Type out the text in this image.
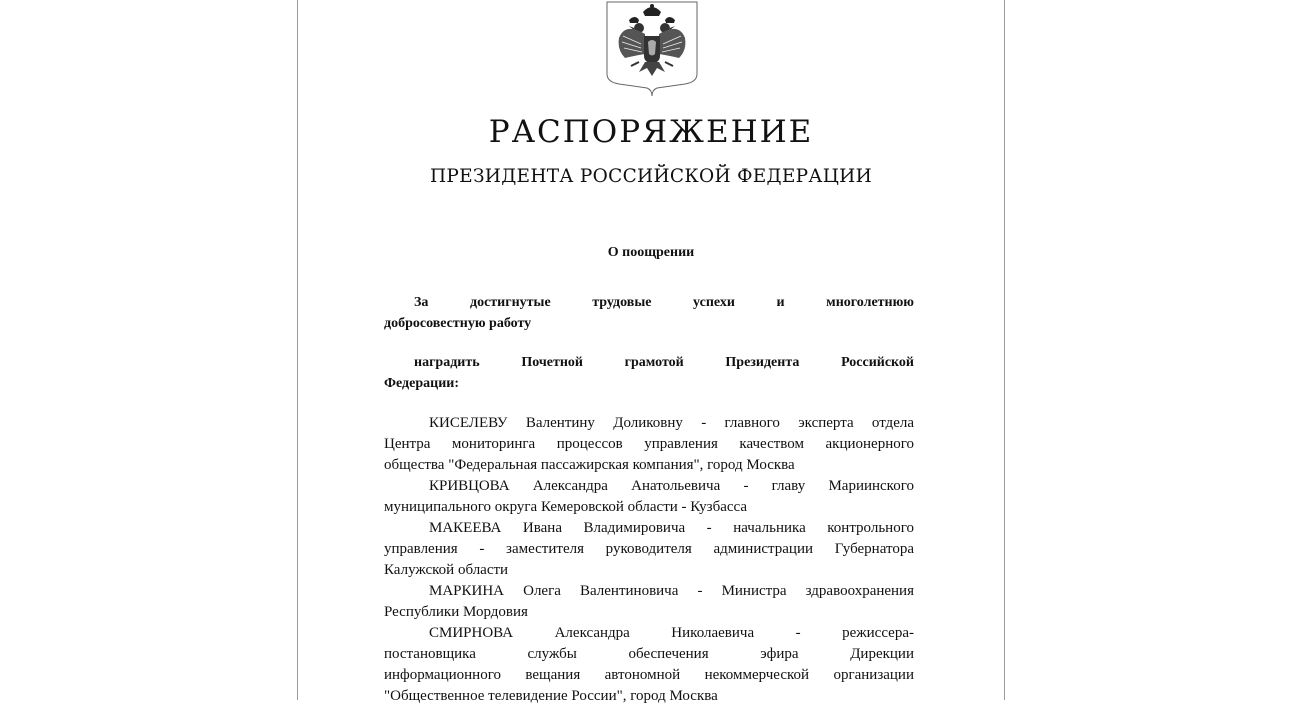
РАСПОРЯЖЕНИЕ
ПРЕЗИДЕНТА РОССИЙСКОЙ ФЕДЕРАЦИИ
О поощрении
За достигнутые трудовые успехи и многолетнюю
добросовестную работу
наградить Почетной грамотой Президента Российской
Федерации:
КИСЕЛЕВУ Валентину Доликовну - главного эксперта отдела
Центра мониторинга процессов управления качеством акционерного
общества "Федеральная пассажирская компания", город Москва
КРИВЦОВА Александра Анатольевича - главу Мариинского
муниципального округа Кемеровской области - Кузбасса
МАКЕЕВА Ивана Владимировича - начальника контрольного
управления - заместителя руководителя администрации Губернатора
Калужской области
МАРКИНА Олега Валентиновича - Министра здравоохранения
Республики Мордовия
СМИРНОВА Александра Николаевича - режиссера-
постановщика службы обеспечения эфира Дирекции
информационного вещания автономной некоммерческой организации
"Общественное телевидение России", город Москва
